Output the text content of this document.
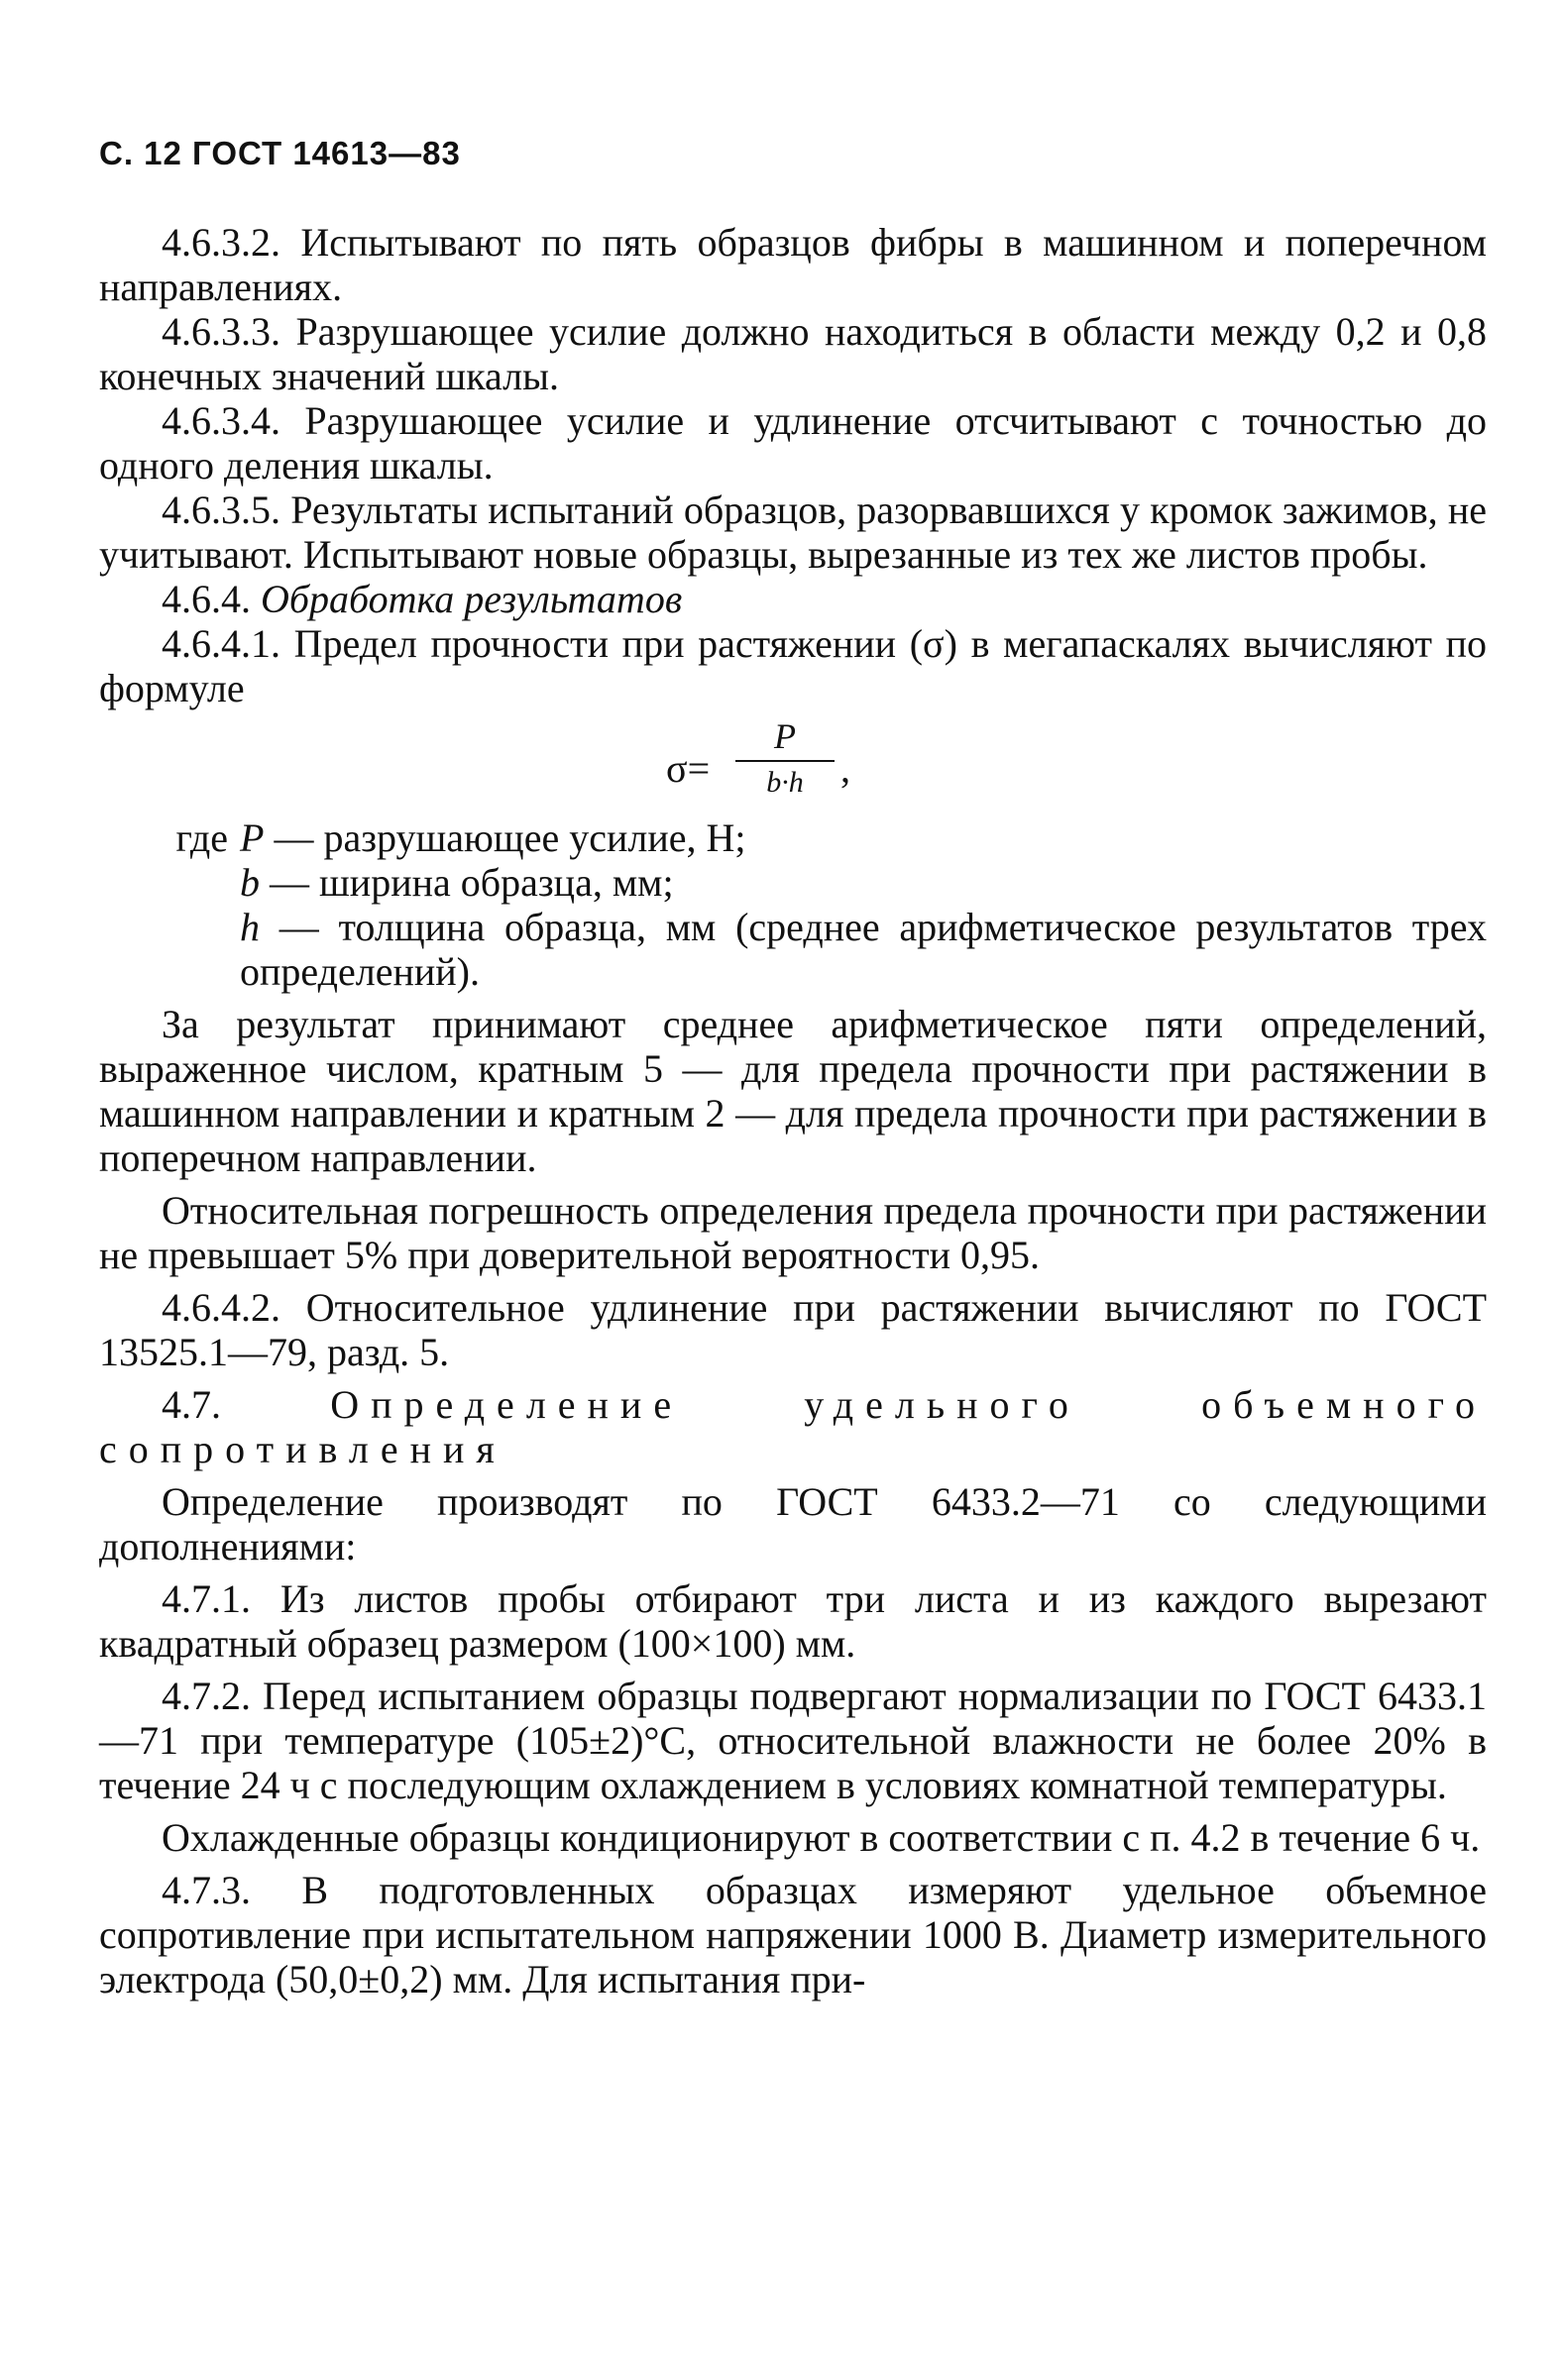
С. 12 ГОСТ 14613—83

4.6.3.2. Испытывают по пять образцов фибры в машинном и поперечном направлениях.

4.6.3.3. Разрушающее усилие должно находиться в области между 0,2 и 0,8 конечных значений шкалы.

4.6.3.4. Разрушающее усилие и удлинение отсчитывают с точностью до одного деления шкалы.

4.6.3.5. Результаты испытаний образцов, разорвавшихся у кромок зажимов, не учитывают. Испытывают новые образцы, вырезанные из тех же листов пробы.

4.6.4. Обработка результатов

4.6.4.1. Предел прочности при растяжении (σ) в мегапаскалях вычисляют по формуле

σ=
P
b·h ,
где P — разрушающее усилие, Н;
b — ширина образца, мм;
h — толщина образца, мм (среднее арифметическое результатов трех определений).

За результат принимают среднее арифметическое пяти определений, выраженное числом, кратным 5 — для предела прочности при растяжении в машинном направлении и кратным 2 — для предела прочности при растяжении в поперечном направлении.

Относительная погрешность определения предела прочности при растяжении не превышает 5% при доверительной вероятности 0,95.

4.6.4.2. Относительное удлинение при растяжении вычисляют по ГОСТ 13525.1—79, разд. 5.

4.7.	Определение удельного объемного сопротивления

Определение производят по ГОСТ 6433.2—71 со следующими дополнениями:

4.7.1. Из листов пробы отбирают три листа и из каждого вырезают квадратный образец размером (100×100) мм.

4.7.2. Перед испытанием образцы подвергают нормализации по ГОСТ 6433.1—71 при температуре (105±2)°С, относительной влажности не более 20% в течение 24 ч с последующим охлаждением в условиях комнатной температуры.

Охлажденные образцы кондиционируют в соответствии с п. 4.2 в течение 6 ч.

4.7.3. В подготовленных образцах измеряют удельное объемное сопротивление при испытательном напряжении 1000 В. Диаметр измерительного электрода (50,0±0,2) мм. Для испытания при-
